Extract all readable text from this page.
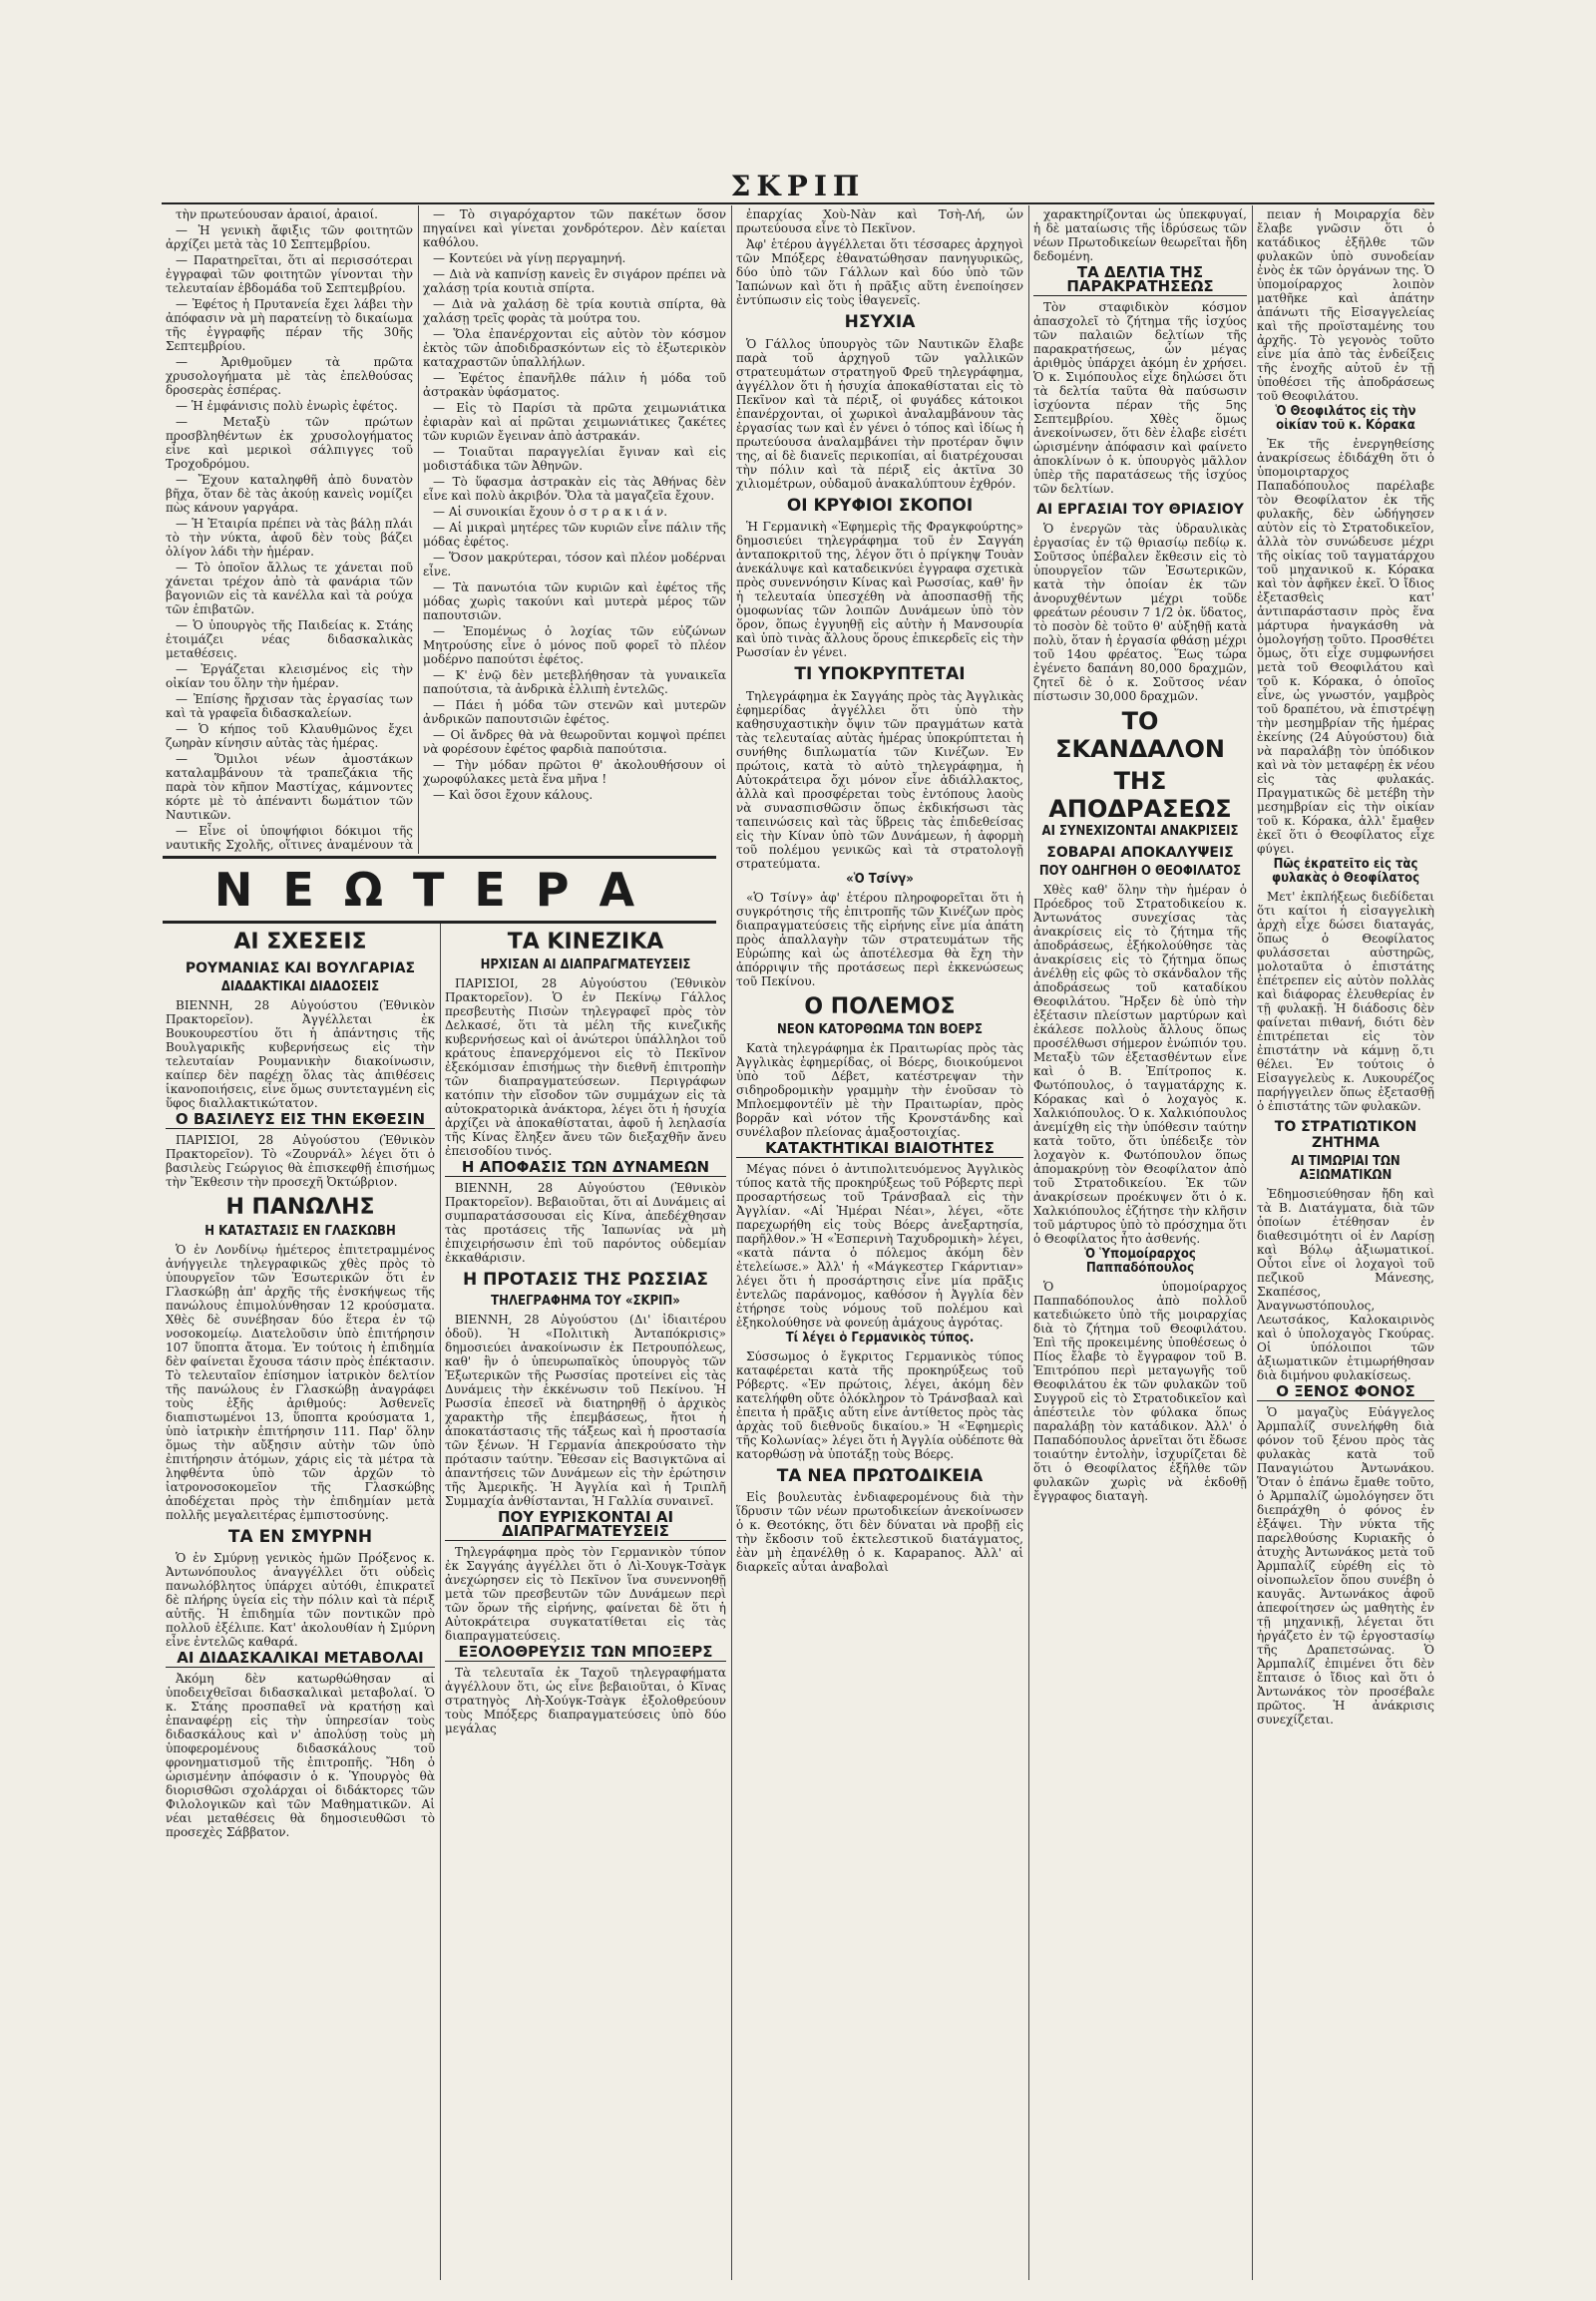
ΣΚΡΙΠ

τὴν πρωτεύουσαν ἀραιοί, ἀραιοί.

— Ἡ γενικὴ ἄφιξις τῶν φοιτητῶν ἀρχίζει μετὰ τὰς 10 Σεπτεμβρίου.

— Παρατηρεῖται, ὅτι αἱ περισσότεραι ἐγγραφαὶ τῶν φοιτητῶν γίνονται τὴν τελευταίαν ἑβδομάδα τοῦ Σεπτεμβρίου.

— Ἐφέτος ἡ Πρυτανεία ἔχει λάβει τὴν ἀπόφασιν νὰ μὴ παρατείνῃ τὸ δικαίωμα τῆς ἐγγραφῆς πέραν τῆς 30ῆς Σεπτεμβρίου.

— Ἀριθμοῦμεν τὰ πρῶτα χρυσολογήματα μὲ τὰς ἐπελθούσας δροσερὰς ἑσπέρας.

— Ἡ ἐμφάνισις πολὺ ἐνωρὶς ἐφέτος.

— Μεταξὺ τῶν πρώτων προσβληθέντων ἐκ χρυσολογήματος εἶνε καὶ μερικοὶ σάλπιγγες τοῦ Τροχοδρόμου.

— Ἔχουν καταληφθῆ ἀπὸ δυνατὸν βῆχα, ὅταν δὲ τὰς ἀκούῃ κανεὶς νομίζει πὼς κάνουν γαργάρα.

— Ἡ Ἑταιρία πρέπει νὰ τὰς βάλῃ πλάι τὸ τὴν νύκτα, ἀφοῦ δὲν τοὺς βάζει ὀλίγον λάδι τὴν ἡμέραν.

— Τὸ ὁποῖον ἄλλως τε χάνεται ποῦ χάνεται τρέχον ἀπὸ τὰ φανάρια τῶν βαγονιῶν εἰς τὰ κανέλλα καὶ τὰ ρούχα τῶν ἐπιβατῶν.

— Ὁ ὑπουργὸς τῆς Παιδείας κ. Στάης ἑτοιμάζει νέας διδασκαλικὰς μεταθέσεις.

— Ἐργάζεται κλεισμένος εἰς τὴν οἰκίαν του ὅλην τὴν ἡμέραν.

— Ἐπίσης ἤρχισαν τὰς ἐργασίας των καὶ τὰ γραφεῖα διδασκαλείων.

— Ὁ κήπος τοῦ Κλαυθμῶνος ἔχει ζωηρὰν κίνησιν αὐτὰς τὰς ἡμέρας.

— Ὅμιλοι νέων ἀμοστάκων καταλαμβάνουν τὰ τραπεζάκια τῆς παρὰ τὸν κῆπον Μαστίχας, κάμνοντες κόρτε μὲ τὸ ἀπέναντι δωμάτιον τῶν Ναυτικῶν.

— Εἶνε οἱ ὑποψήφιοι δόκιμοι τῆς ναυτικῆς Σχολῆς, οἵτινες ἀναμένουν τὰ

— Τὸ σιγαρόχαρτον τῶν πακέτων ὅσον πηγαίνει καὶ γίνεται χονδρότερον. Δὲν καίεται καθόλου.

— Κοντεύει νὰ γίνῃ περγαμηνή.

— Διὰ νὰ καπνίσῃ κανεὶς ἓν σιγάρον πρέπει νὰ χαλάσῃ τρία κουτιὰ σπίρτα.

— Διὰ νὰ χαλάσῃ δὲ τρία κουτιὰ σπίρτα, θὰ χαλάσῃ τρεῖς φορὰς τὰ μούτρα του.

— Ὅλα ἐπανέρχονται εἰς αὐτὸν τὸν κόσμον ἐκτὸς τῶν ἀποδιδρασκόντων εἰς τὸ ἐξωτερικὸν καταχραστῶν ὑπαλλήλων.

— Ἐφέτος ἐπανῆλθε πάλιν ἡ μόδα τοῦ ἀστρακὰν ὑφάσματος.

— Εἰς τὸ Παρίσι τὰ πρῶτα χειμωνιάτικα ἐφιαρὰν καὶ αἱ πρῶται χειμωνιάτικες ζακέτες τῶν κυριῶν ἔγειναν ἀπὸ ἀστρακάν.

— Τοιαῦται παραγγελίαι ἔγιναν καὶ εἰς μοδιστάδικα τῶν Ἀθηνῶν.

— Τὸ ὕφασμα ἀστρακὰν εἰς τὰς Ἀθήνας δὲν εἶνε καὶ πολὺ ἀκριβόν. Ὅλα τὰ μαγαζεῖα ἔχουν.

— Αἱ συνοικίαι ἔχουν ὁ σ τ ρ α κ ι ά ν.

— Αἱ μικραὶ μητέρες τῶν κυριῶν εἶνε πάλιν τῆς μόδας ἐφέτος.

— Ὅσον μακρύτεραι, τόσον καὶ πλέον μοδέρναι εἶνε.

— Τὰ πανωτόια τῶν κυριῶν καὶ ἐφέτος τῆς μόδας χωρὶς τακούνι καὶ μυτερὰ μέρος τῶν παπουτσιῶν.

— Ἐπομένως ὁ λοχίας τῶν εὐζώνων Μητρούσης εἶνε ὁ μόνος ποῦ φορεῖ τὸ πλέον μοδέρνο παπούτσι ἐφέτος.

— Κ' ἐνῷ δὲν μετεβλήθησαν τὰ γυναικεῖα παπούτσια, τὰ ἀνδρικὰ ἐλλιπὴ ἐντελῶς.

— Πάει ἡ μόδα τῶν στενῶν καὶ μυτερῶν ἀνδρικῶν παπουτσιῶν ἐφέτος.

— Οἱ ἄνδρες θὰ νὰ θεωροῦνται κομψοὶ πρέπει νὰ φορέσουν ἐφέτος φαρδιὰ παπούτσια.

— Τὴν μόδαν πρῶτοι θ' ἀκολουθήσουν οἱ χωροφύλακες μετὰ ἕνα μῆνα !

— Καὶ ὅσοι ἔχουν κάλους.

ΝΕΩΤΕΡΑ
ΑΙ ΣΧΕΣΕΙΣ
ΡΟΥΜΑΝΙΑΣ ΚΑΙ ΒΟΥΛΓΑΡΙΑΣ
ΔΙΑΔΑΚΤΙΚΑΙ ΔΙΑΔΟΣΕΙΣ

ΒΙΕΝΝΗ, 28 Αὐγούστου (Ἐθνικὸν Πρακτορεῖον). Ἀγγέλλεται ἐκ Βουκουρεστίου ὅτι ἡ ἀπάντησις τῆς Βουλγαρικῆς κυβερνήσεως εἰς τὴν τελευταίαν Ρουμανικὴν διακοίνωσιν, καίπερ δὲν παρέχῃ ὅλας τὰς ἀπιθέσεις ἱκανοποιήσεις, εἶνε ὅμως συντεταγμένη εἰς ὕφος διαλλακτικώτατον.

Ο ΒΑΣΙΛΕΥΣ ΕΙΣ ΤΗΝ ΕΚΘΕΣΙΝ

ΠΑΡΙΣΙΟΙ, 28 Αὐγούστου (Ἐθνικὸν Πρακτορεῖον). Τὸ «Ζουρνάλ» λέγει ὅτι ὁ βασιλεὺς Γεώργιος θὰ ἐπισκεφθῇ ἐπισήμως τὴν Ἔκθεσιν τὴν προσεχῆ Ὀκτώβριον.

Η ΠΑΝΩΛΗΣ
Η ΚΑΤΑΣΤΑΣΙΣ ΕΝ ΓΛΑΣΚΩΒΗ

Ὁ ἐν Λονδίνῳ ἡμέτερος ἐπιτετραμμένος ἀνήγγειλε τηλεγραφικῶς χθὲς πρὸς τὸ ὑπουργεῖον τῶν Ἐσωτερικῶν ὅτι ἐν Γλασκώβῃ ἀπ' ἀρχῆς τῆς ἐνσκήψεως τῆς πανώλους ἐπιμολύνθησαν 12 κρούσματα. Χθὲς δὲ συνέβησαν δύο ἕτερα ἐν τῷ νοσοκομείῳ. Διατελοῦσιν ὑπὸ ἐπιτήρησιν 107 ὕποπτα ἄτομα. Ἐν τούτοις ἡ ἐπιδημία δὲν φαίνεται ἔχουσα τάσιν πρὸς ἐπέκτασιν. Τὸ τελευταῖον ἐπίσημον ἰατρικὸν δελτίον τῆς πανώλους ἐν Γλασκώβῃ ἀναγράφει τοὺς ἑξῆς ἀριθμούς: Ἀσθενεῖς διαπιστωμένοι 13, ὕποπτα κρούσματα 1, ὑπὸ ἰατρικὴν ἐπιτήρησιν 111. Παρ' ὅλην ὅμως τὴν αὔξησιν αὐτὴν τῶν ὑπὸ ἐπιτήρησιν ἀτόμων, χάρις εἰς τὰ μέτρα τὰ ληφθέντα ὑπὸ τῶν ἀρχῶν τὸ ἰατρονοσοκομεῖον τῆς Γλασκώβης ἀποδέχεται πρὸς τὴν ἐπιδημίαν μετὰ πολλῆς μεγαλειτέρας ἐμπιστοσύνης.

ΤΑ ΕΝ ΣΜΥΡΝΗ

Ὁ ἐν Σμύρνῃ γενικὸς ἡμῶν Πρόξενος κ. Ἀντωνόπουλος ἀναγγέλλει ὅτι οὐδεὶς πανωλόβλητος ὑπάρχει αὐτόθι, ἐπικρατεῖ δὲ πλήρης ὑγεία εἰς τὴν πόλιν καὶ τὰ πέριξ αὐτῆς. Ἡ ἐπιδημία τῶν ποντικῶν πρὸ πολλοῦ ἐξέλιπε. Κατ' ἀκολουθίαν ἡ Σμύρνη εἶνε ἐντελῶς καθαρά.

ΑΙ ΔΙΔΑΣΚΑΛΙΚΑΙ ΜΕΤΑΒΟΛΑΙ

Ἀκόμη δὲν κατωρθώθησαν αἱ ὑποδειχθεῖσαι διδασκαλικαὶ μεταβολαί. Ὁ κ. Στάης προσπαθεῖ νὰ κρατήσῃ καὶ ἐπαναφέρῃ εἰς τὴν ὑπηρεσίαν τοὺς διδασκάλους καὶ ν' ἀπολύσῃ τοὺς μὴ ὑποφερομένους διδασκάλους τοῦ φρονηματισμοῦ τῆς ἐπιτροπῆς. Ἤδη ὁ ὡρισμένην ἀπόφασιν ὁ κ. Ὑπουργὸς θὰ διορισθῶσι σχολάρχαι οἱ διδάκτορες τῶν Φιλολογικῶν καὶ τῶν Μαθηματικῶν. Αἱ νέαι μεταθέσεις θὰ δημοσιευθῶσι τὸ προσεχὲς Σάββατον.

ΤΑ ΚΙΝΕΖΙΚΑ
ΗΡΧΙΣΑΝ ΑΙ ΔΙΑΠΡΑΓΜΑΤΕΥΣΕΙΣ

ΠΑΡΙΣΙΟΙ, 28 Αὐγούστου (Ἐθνικὸν Πρακτορεῖον). Ὁ ἐν Πεκίνῳ Γάλλος πρεσβευτὴς Πισὼν τηλεγραφεῖ πρὸς τὸν Δελκασέ, ὅτι τὰ μέλη τῆς κινεζικῆς κυβερνήσεως καὶ οἱ ἀνώτεροι ὑπάλληλοι τοῦ κράτους ἐπανερχόμενοι εἰς τὸ Πεκῖνον ἐξεκόμισαν ἐπισήμως τὴν διεθνῆ ἐπιτροπὴν τῶν διαπραγματεύσεων. Περιγράφων κατόπιν τὴν εἴσοδον τῶν συμμάχων εἰς τὰ αὐτοκρατορικὰ ἀνάκτορα, λέγει ὅτι ἡ ἡσυχία ἀρχίζει νὰ ἀποκαθίσταται, ἀφοῦ ἡ λεηλασία τῆς Κίνας ἔληξεν ἄνευ τῶν διεξαχθῆν ἄνευ ἐπεισοδίου τινός.

Η ΑΠΟΦΑΣΙΣ ΤΩΝ ΔΥΝΑΜΕΩΝ

ΒΙΕΝΝΗ, 28 Αὐγούστου (Ἐθνικὸν Πρακτορεῖον). Βεβαιοῦται, ὅτι αἱ Δυνάμεις αἱ συμπαρατάσσουσαι εἰς Κίνα, ἀπεδέχθησαν τὰς προτάσεις τῆς Ἰαπωνίας νὰ μὴ ἐπιχειρήσωσιν ἐπὶ τοῦ παρόντος οὐδεμίαν ἐκκαθάρισιν.

Η ΠΡΟΤΑΣΙΣ ΤΗΣ ΡΩΣΣΙΑΣ
ΤΗΛΕΓΡΑΦΗΜΑ ΤΟΥ «ΣΚΡΙΠ»

ΒΙΕΝΝΗ, 28 Αὐγούστου (Δι' ἰδιαιτέρου ὁδοῦ). Ἡ «Πολιτικὴ Ἀνταπόκρισις» δημοσιεύει ἀνακοίνωσιν ἐκ Πετρουπόλεως, καθ' ἣν ὁ ὑπευρωπαϊκὸς ὑπουργὸς τῶν Ἐξωτερικῶν τῆς Ρωσσίας προτείνει εἰς τὰς Δυνάμεις τὴν ἐκκένωσιν τοῦ Πεκίνου. Ἡ Ρωσσία ἐπεσεῖ νὰ διατηρηθῇ ὁ ἀρχικὸς χαρακτὴρ τῆς ἐπεμβάσεως, ἤτοι ἡ ἀποκατάστασις τῆς τάξεως καὶ ἡ προστασία τῶν ξένων. Ἡ Γερμανία ἀπεκρούσατο τὴν πρότασιν ταύτην. Ἔθεσαν εἰς Βασιγκτῶνα αἱ ἀπαντήσεις τῶν Δυνάμεων εἰς τὴν ἐρώτησιν τῆς Ἀμερικῆς. Ἡ Ἀγγλία καὶ ἡ Τριπλῆ Συμμαχία ἀνθίστανται, Ἡ Γαλλία συναινεῖ.

ΠΟΥ ΕΥΡΙΣΚΟΝΤΑΙ ΑΙ ΔΙΑΠΡΑΓΜΑΤΕΥΣΕΙΣ

Τηλεγράφημα πρὸς τὸν Γερμανικὸν τύπον ἐκ Σαγγάης ἀγγέλλει ὅτι ὁ Λὶ-Χουγκ-Τσὰγκ ἀνεχώρησεν εἰς τὸ Πεκῖνον ἵνα συνεννοηθῇ μετὰ τῶν πρεσβευτῶν τῶν Δυνάμεων περὶ τῶν ὅρων τῆς εἰρήνης, φαίνεται δὲ ὅτι ἡ Αὐτοκράτειρα συγκατατίθεται εἰς τὰς διαπραγματεύσεις.

ΕΞΟΛΟΘΡΕΥΣΙΣ ΤΩΝ ΜΠΟΞΕΡΣ

Τὰ τελευταῖα ἐκ Ταχοῦ τηλεγραφήματα ἀγγέλλουν ὅτι, ὡς εἶνε βεβαιοῦται, ὁ Κῖνας στρατηγὸς Λὴ-Χούγκ-Τσὰγκ ἐξολοθρεύουν τοὺς Μπόξερς διαπραγματεύσεις ὑπὸ δύο μεγάλας

ἐπαρχίας Χοὺ-Νὰν καὶ Τσὴ-Λή, ὧν πρωτεύουσα εἶνε τὸ Πεκῖνον.

Ἀφ' ἑτέρου ἀγγέλλεται ὅτι τέσσαρες ἀρχηγοὶ τῶν Μπόξερς ἐθανατώθησαν πανηγυρικῶς, δύο ὑπὸ τῶν Γάλλων καὶ δύο ὑπὸ τῶν Ἰαπώνων καὶ ὅτι ἡ πρᾶξις αὕτη ἐνεποίησεν ἐντύπωσιν εἰς τοὺς ἰθαγενεῖς.

ΗΣΥΧΙΑ

Ὁ Γάλλος ὑπουργὸς τῶν Ναυτικῶν ἔλαβε παρὰ τοῦ ἀρχηγοῦ τῶν γαλλικῶν στρατευμάτων στρατηγοῦ Φρεῦ τηλεγράφημα, ἀγγέλλον ὅτι ἡ ἡσυχία ἀποκαθίσταται εἰς τὸ Πεκῖνον καὶ τὰ πέριξ, οἱ φυγάδες κάτοικοι ἐπανέρχονται, οἱ χωρικοὶ ἀναλαμβάνουν τὰς ἐργασίας των καὶ ἐν γένει ὁ τόπος καὶ ἰδίως ἡ πρωτεύουσα ἀναλαμβάνει τὴν προτέραν ὄψιν της, αἱ δὲ διανεῖς περικοπίαι, αἱ διατρέχουσαι τὴν πόλιν καὶ τὰ πέριξ εἰς ἀκτῖνα 30 χιλιομέτρων, οὐδαμοῦ ἀνακαλύπτουν ἐχθρόν.

ΟΙ ΚΡΥΦΙΟΙ ΣΚΟΠΟΙ

Ἡ Γερμανικὴ «Ἐφημερὶς τῆς Φραγκφούρτης» δημοσιεύει τηλεγράφημα τοῦ ἐν Σαγγάη ἀνταποκριτοῦ της, λέγον ὅτι ὁ πρίγκηψ Τουὰν ἀνεκάλυψε καὶ καταδεικνύει ἐγγραφα σχετικὰ πρὸς συνεννόησιν Κίνας καὶ Ρωσσίας, καθ' ἣν ἡ τελευταία ὑπεσχέθη νὰ ἀποσπασθῇ τῆς ὁμοφωνίας τῶν λοιπῶν Δυνάμεων ὑπὸ τὸν ὅρον, ὅπως ἐγγυηθῇ εἰς αὐτὴν ἡ Μανσουρία καὶ ὑπὸ τινὰς ἄλλους ὅρους ἐπικερδεῖς εἰς τὴν Ρωσσίαν ἐν γένει.

ΤΙ ΥΠΟΚΡΥΠΤΕΤΑΙ

Τηλεγράφημα ἐκ Σαγγάης πρὸς τὰς Ἀγγλικὰς ἐφημερίδας ἀγγέλλει ὅτι ὑπὸ τὴν καθησυχαστικὴν ὄψιν τῶν πραγμάτων κατὰ τὰς τελευταίας αὐτὰς ἡμέρας ὑποκρύπτεται ἡ συνήθης διπλωματία τῶν Κινέζων. Ἐν πρώτοις, κατὰ τὸ αὐτὸ τηλεγράφημα, ἡ Αὐτοκράτειρα ὄχι μόνον εἶνε ἀδιάλλακτος, ἀλλὰ καὶ προσφέρεται τοὺς ἐντόπους λαοὺς νὰ συνασπισθῶσιν ὅπως ἐκδικήσωσι τὰς ταπεινώσεις καὶ τὰς ὕβρεις τὰς ἐπιδεθείσας εἰς τὴν Κίναν ὑπὸ τῶν Δυνάμεων, ἡ ἀφορμὴ τοῦ πολέμου γενικῶς καὶ τὰ στρατολογῇ στρατεύματα.

«Ὁ Τσίνγ»

«Ὁ Τσίνγ» ἀφ' ἑτέρου πληροφορεῖται ὅτι ἡ συγκρότησις τῆς ἐπιτροπῆς τῶν Κινέζων πρὸς διαπραγματεύσεις τῆς εἰρήνης εἶνε μία ἀπάτη πρὸς ἀπαλλαγὴν τῶν στρατευμάτων τῆς Εὐρώπης καὶ ὡς ἀποτέλεσμα θὰ ἔχη τὴν ἀπόρριψιν τῆς προτάσεως περὶ ἐκκενώσεως τοῦ Πεκίνου.

Ο ΠΟΛΕΜΟΣ
ΝΕΟΝ ΚΑΤΟΡΘΩΜΑ ΤΩΝ ΒΟΕΡΣ

Κατὰ τηλεγράφημα ἐκ Πραιτωρίας πρὸς τὰς Ἀγγλικὰς ἐφημερίδας, οἱ Βόερς, διοικούμενοι ὑπὸ τοῦ Δέβετ, κατέστρεψαν τὴν σιδηροδρομικὴν γραμμὴν τὴν ἑνοῦσαν τὸ Μπλοεμφοντέϊν μὲ τὴν Πραιτωρίαν, πρὸς βορρᾶν καὶ νότον τῆς Κρονστάνδης καὶ συνέλαβον πλείονας ἁμαξοστοιχίας.

ΚΑΤΑΚΤΗΤΙΚΑΙ ΒΙΑΙΟΤΗΤΕΣ

Μέγας πόνει ὁ ἀντιπολιτευόμενος Ἀγγλικὸς τύπος κατὰ τῆς προκηρύξεως τοῦ Ρόβερτς περὶ προσαρτήσεως τοῦ Τράνσβααλ εἰς τὴν Ἀγγλίαν. «Αἱ Ἡμέραι Νέαι», λέγει, «ὅτε παρεχωρήθη εἰς τοὺς Βόερς ἀνεξαρτησία, παρῆλθον.» Ἡ «Ἐσπερινὴ Ταχυδρομικὴ» λέγει, «κατὰ πάντα ὁ πόλεμος ἀκόμη δὲν ἐτελείωσε.» Ἀλλ' ἡ «Μάγκεστερ Γκάρντιαν» λέγει ὅτι ἡ προσάρτησις εἶνε μία πρᾶξις ἐντελῶς παράνομος, καθόσον ἡ Ἀγγλία δὲν ἐτήρησε τοὺς νόμους τοῦ πολέμου καὶ ἐξηκολούθησε νὰ φονεύῃ ἀμάχους ἀγρότας.

Τί λέγει ὁ Γερμανικὸς τύπος.

Σύσσωμος ὁ ἔγκριτος Γερμανικὸς τύπος καταφέρεται κατὰ τῆς προκηρύξεως τοῦ Ρόβερτς. «Ἐν πρώτοις, λέγει, ἀκόμη δὲν κατελήφθη οὔτε ὁλόκληρον τὸ Τράνσβααλ καὶ ἐπειτα ἡ πρᾶξις αὕτη εἶνε ἀντίθετος πρὸς τὰς ἀρχὰς τοῦ διεθνοῦς δικαίου.» Ἡ «Ἐφημερὶς τῆς Κολωνίας» λέγει ὅτι ἡ Ἀγγλία οὐδέποτε θὰ κατορθώσῃ νὰ ὑποτάξῃ τοὺς Βόερς.

ΤΑ ΝΕΑ ΠΡΩΤΟΔΙΚΕΙΑ

Εἰς βουλευτὰς ἐνδιαφερομένους διὰ τὴν ἵδρυσιν τῶν νέων πρωτοδικείων ἀνεκοίνωσεν ὁ κ. Θεοτόκης, ὅτι δὲν δύναται νὰ προβῇ εἰς τὴν ἔκδοσιν τοῦ ἐκτελεστικοῦ διατάγματος, ἐὰν μὴ ἐπανέλθῃ ὁ κ. Καρapanος. Ἀλλ' αἱ διαρκεῖς αὗται ἀναβολαὶ

χαρακτηρίζονται ὡς ὑπεκφυγαί, ἡ δὲ ματαίωσις τῆς ἱδρύσεως τῶν νέων Πρωτοδικείων θεωρεῖται ἤδη δεδομένη.

ΤΑ ΔΕΛΤΙΑ ΤΗΣ ΠΑΡΑΚΡΑΤΗΣΕΩΣ

Τὸν σταφιδικὸν κόσμον ἀπασχολεῖ τὸ ζήτημα τῆς ἰσχύος τῶν παλαιῶν δελτίων τῆς παρακρατήσεως, ὧν μέγας ἀριθμὸς ὑπάρχει ἀκόμη ἐν χρήσει. Ὁ κ. Σιμόπουλος εἶχε δηλώσει ὅτι τὰ δελτία ταῦτα θὰ παύσωσιν ἰσχύοντα πέραν τῆς 5ης Σεπτεμβρίου. Χθὲς ὅμως ἀνεκοίνωσεν, ὅτι δὲν ἐλαβε εἰσέτι ὡρισμένην ἀπόφασιν καὶ φαίνετο ἀποκλίνων ὁ κ. ὑπουργὸς μᾶλλον ὑπὲρ τῆς παρατάσεως τῆς ἰσχύος τῶν δελτίων.

ΑΙ ΕΡΓΑΣΙΑΙ ΤΟΥ ΘΡΙΑΣΙΟΥ

Ὁ ἐνεργῶν τὰς ὑδραυλικὰς ἐργασίας ἐν τῷ θριασίῳ πεδίῳ κ. Σοῦτσος ὑπέβαλεν ἔκθεσιν εἰς τὸ ὑπουργεῖον τῶν Ἐσωτερικῶν, κατὰ τὴν ὁποίαν ἐκ τῶν ἀνορυχθέντων μέχρι τοῦδε φρεάτων ρέουσιν 7 1/2 ὀκ. ὕδατος, τὸ ποσὸν δὲ τοῦτο θ' αὐξηθῇ κατὰ πολὺ, ὅταν ἡ ἐργασία φθάσῃ μέχρι τοῦ 14ου φρέατος. Ἕως τώρα ἐγένετο δαπάνη 80,000 δραχμῶν, ζητεῖ δὲ ὁ κ. Σοῦτσος νέαν πίστωσιν 30,000 δραχμῶν.

ΤΟ ΣΚΑΝΔΑΛΟΝ
ΤΗΣ ΑΠΟΔΡΑΣΕΩΣ
ΑΙ ΣΥΝΕΧΙΖΟΝΤΑΙ ΑΝΑΚΡΙΣΕΙΣ
ΣΟΒΑΡΑΙ ΑΠΟΚΑΛΥΨΕΙΣ
ΠΟΥ ΟΔΗΓΗΘΗ Ο ΘΕΟΦΙΛΑΤΟΣ

Χθὲς καθ' ὅλην τὴν ἡμέραν ὁ Πρόεδρος τοῦ Στρατοδικείου κ. Ἀντωνάτος συνεχίσας τὰς ἀνακρίσεις εἰς τὸ ζήτημα τῆς ἀποδράσεως, ἐξήκολούθησε τὰς ἀνακρίσεις εἰς τὸ ζήτημα ὅπως ἀνέλθῃ εἰς φῶς τὸ σκάνδαλον τῆς ἀποδράσεως τοῦ καταδίκου Θεοφιλάτου. Ἤρξεν δὲ ὑπὸ τὴν ἐξέτασιν πλείστων μαρτύρων καὶ ἐκάλεσε πολλοὺς ἄλλους ὅπως προσέλθωσι σήμερον ἐνώπιόν του. Μεταξὺ τῶν ἐξετασθέντων εἶνε καὶ ὁ Β. Ἐπίτροπος κ. Φωτόπουλος, ὁ ταγματάρχης κ. Κόρακας καὶ ὁ λοχαγὸς κ. Χαλκιόπουλος. Ὁ κ. Χαλκιόπουλος ἀνεμίχθη εἰς τὴν ὑπόθεσιν ταύτην κατὰ τοῦτο, ὅτι ὑπέδειξε τὸν λοχαγὸν κ. Φωτόπουλον ὅπως ἀπομακρύνῃ τὸν Θεοφίλατον ἀπὸ τοῦ Στρατοδικείου. Ἐκ τῶν ἀνακρίσεων προέκυψεν ὅτι ὁ κ. Χαλκιόπουλος ἐζήτησε τὴν κλῆσιν τοῦ μάρτυρος ὑπὸ τὸ πρόσχημα ὅτι ὁ Θεοφίλατος ἦτο ἀσθενής.

Ὁ Ὑπομοίραρχος Παππαδόπουλος

Ὁ ὑπομοίραρχος Παππαδόπουλος ἀπὸ πολλοῦ κατεδιώκετο ὑπὸ τῆς μοιραρχίας διὰ τὸ ζήτημα τοῦ Θεοφιλάτου. Ἐπὶ τῆς προκειμένης ὑποθέσεως ὁ Πίος ἔλαβε τὸ ἔγγραφον τοῦ Β. Ἐπιτρόπου περὶ μεταγωγῆς τοῦ Θεοφιλάτου ἐκ τῶν φυλακῶν τοῦ Συγγροῦ εἰς τὸ Στρατοδικεῖον καὶ ἀπέστειλε τὸν φύλακα ὅπως παραλάβῃ τὸν κατάδικον. Ἀλλ' ὁ Παπαδόπουλος ἀρνεῖται ὅτι ἔδωσε τοιαύτην ἐντολὴν, ἰσχυρίζεται δὲ ὅτι ὁ Θεοφίλατος ἐξῆλθε τῶν φυλακῶν χωρὶς νὰ ἐκδοθῇ ἔγγραφος διαταγὴ.

πειαν ἡ Μοιραρχία δὲν ἔλαβε γνῶσιν ὅτι ὁ κατάδικος ἐξῆλθε τῶν φυλακῶν ὑπὸ συνοδείαν ἐνὸς ἐκ τῶν ὀργάνων της. Ὁ ὑπομοίραρχος λοιπὸν ματθῆκε καὶ ἀπάτην ἀπάνωτι τῆς Εἰσαγγελείας καὶ τῆς προϊσταμένης του ἀρχῆς. Τὸ γεγονὸς τοῦτο εἶνε μία ἀπὸ τὰς ἐνδείξεις τῆς ἐνοχῆς αὐτοῦ ἐν τῇ ὑποθέσει τῆς ἀποδράσεως τοῦ Θεοφιλάτου.

Ὁ Θεοφιλάτος εἰς τὴν οἰκίαν τοῦ κ. Κόρακα

Ἐκ τῆς ἐνεργηθείσης ἀνακρίσεως ἐδιδάχθη ὅτι ὁ ὑπομοιρταρχος Παπαδόπουλος παρέλαβε τὸν Θεοφίλατον ἐκ τῆς φυλακῆς, δὲν ὡδήγησεν αὐτὸν εἰς τὸ Στρατοδικεῖον, ἀλλὰ τὸν συνώδευσε μέχρι τῆς οἰκίας τοῦ ταγματάρχου τοῦ μηχανικοῦ κ. Κόρακα καὶ τὸν ἀφῆκεν ἐκεῖ. Ὁ ἴδιος ἐξετασθεὶς κατ' ἀντιπαράστασιν πρὸς ἕνα μάρτυρα ἠναγκάσθη νὰ ὁμολογήσῃ τοῦτο. Προσθέτει ὅμως, ὅτι εἶχε συμφωνήσει μετὰ τοῦ Θεοφιλάτου καὶ τοῦ κ. Κόρακα, ὁ ὁποῖος εἶνε, ὡς γνωστόν, γαμβρὸς τοῦ δραπέτου, νὰ ἐπιστρέψῃ τὴν μεσημβρίαν τῆς ἡμέρας ἐκείνης (24 Αὐγούστου) διὰ νὰ παραλάβῃ τὸν ὑπόδικον καὶ νὰ τὸν μεταφέρῃ ἐκ νέου εἰς τὰς φυλακάς. Πραγματικῶς δὲ μετέβη τὴν μεσημβρίαν εἰς τὴν οἰκίαν τοῦ κ. Κόρακα, ἀλλ' ἔμαθεν ἐκεῖ ὅτι ὁ Θεοφίλατος εἶχε φύγει.

Πῶς ἐκρατεῖτο εἰς τὰς φυλακὰς ὁ Θεοφίλατος

Μετ' ἐκπλήξεως διεδίδεται ὅτι καίτοι ἡ εἰσαγγελικὴ ἀρχὴ εἶχε δώσει διαταγάς, ὅπως ὁ Θεοφίλατος φυλάσσεται αὐστηρῶς, μολοταῦτα ὁ ἐπιστάτης ἐπέτρεπεν εἰς αὐτὸν πολλὰς καὶ διάφορας ἐλευθερίας ἐν τῇ φυλακῇ. Ἡ διάδοσις δὲν φαίνεται πιθανή, διότι δὲν ἐπιτρέπεται εἰς τὸν ἐπιστάτην νὰ κάμνῃ ὅ,τι θέλει. Ἐν τούτοις ὁ Εἰσαγγελεὺς κ. Λυκουρέζος παρήγγειλεν ὅπως ἐξετασθῇ ὁ ἐπιστάτης τῶν φυλακῶν.

ΤΟ ΣΤΡΑΤΙΩΤΙΚΟΝ ΖΗΤΗΜΑ
ΑΙ ΤΙΜΩΡΙΑΙ ΤΩΝ ΑΞΙΩΜΑΤΙΚΩΝ

Ἐδημοσιεύθησαν ἤδη καὶ τὰ Β. Διατάγματα, διὰ τῶν ὁποίων ἐτέθησαν ἐν διαθεσιμότητι οἱ ἐν Λαρίσῃ καὶ Βόλῳ ἀξιωματικοί. Οὗτοι εἶνε οἱ λοχαγοὶ τοῦ πεζικοῦ Μάνεσης, Σκαπέσος, Ἀναγνωστόπουλος, Λεωτσάκος, Καλοκαιρινὸς καὶ ὁ ὑπολοχαγὸς Γκούρας. Οἱ ὑπόλοιποι τῶν ἀξιωματικῶν ἐτιμωρήθησαν διὰ διμήνου φυλακίσεως.

Ο ΞΕΝΟΣ ΦΟΝΟΣ

Ὁ μαγαζὺς Εὐάγγελος Ἀρμπαλίζ συνελήφθη διὰ φόνον τοῦ ξένου πρὸς τὰς φυλακὰς κατὰ τοῦ Παναγιώτου Ἀντωνάκου. Ὅταν ὁ ἐπάνω ἔμαθε τοῦτο, ὁ Ἀρμπαλίζ ὡμολόγησεν ὅτι διεπράχθη ὁ φόνος ἐν ἐξάψει. Τὴν νύκτα τῆς παρελθούσης Κυριακῆς ὁ ἀτυχὴς Ἀντωνάκος μετὰ τοῦ Ἀρμπαλίζ εὑρέθη εἰς τὸ οἰνοπωλεῖον ὅπου συνέβη ὁ καυγᾶς. Ἀντωνάκος ἀφοῦ ἀπεφοίτησεν ὡς μαθητὴς ἐν τῇ μηχανικῇ, λέγεται ὅτι ἠργάζετο ἐν τῷ ἐργοστασίῳ τῆς Δραπετσώνας. Ὁ Ἀρμπαλίζ ἐπιμένει ὅτι δὲν ἔπταισε ὁ ἴδιος καὶ ὅτι ὁ Ἀντωνάκος τὸν προσέβαλε πρῶτος. Ἡ ἀνάκρισις συνεχίζεται.
